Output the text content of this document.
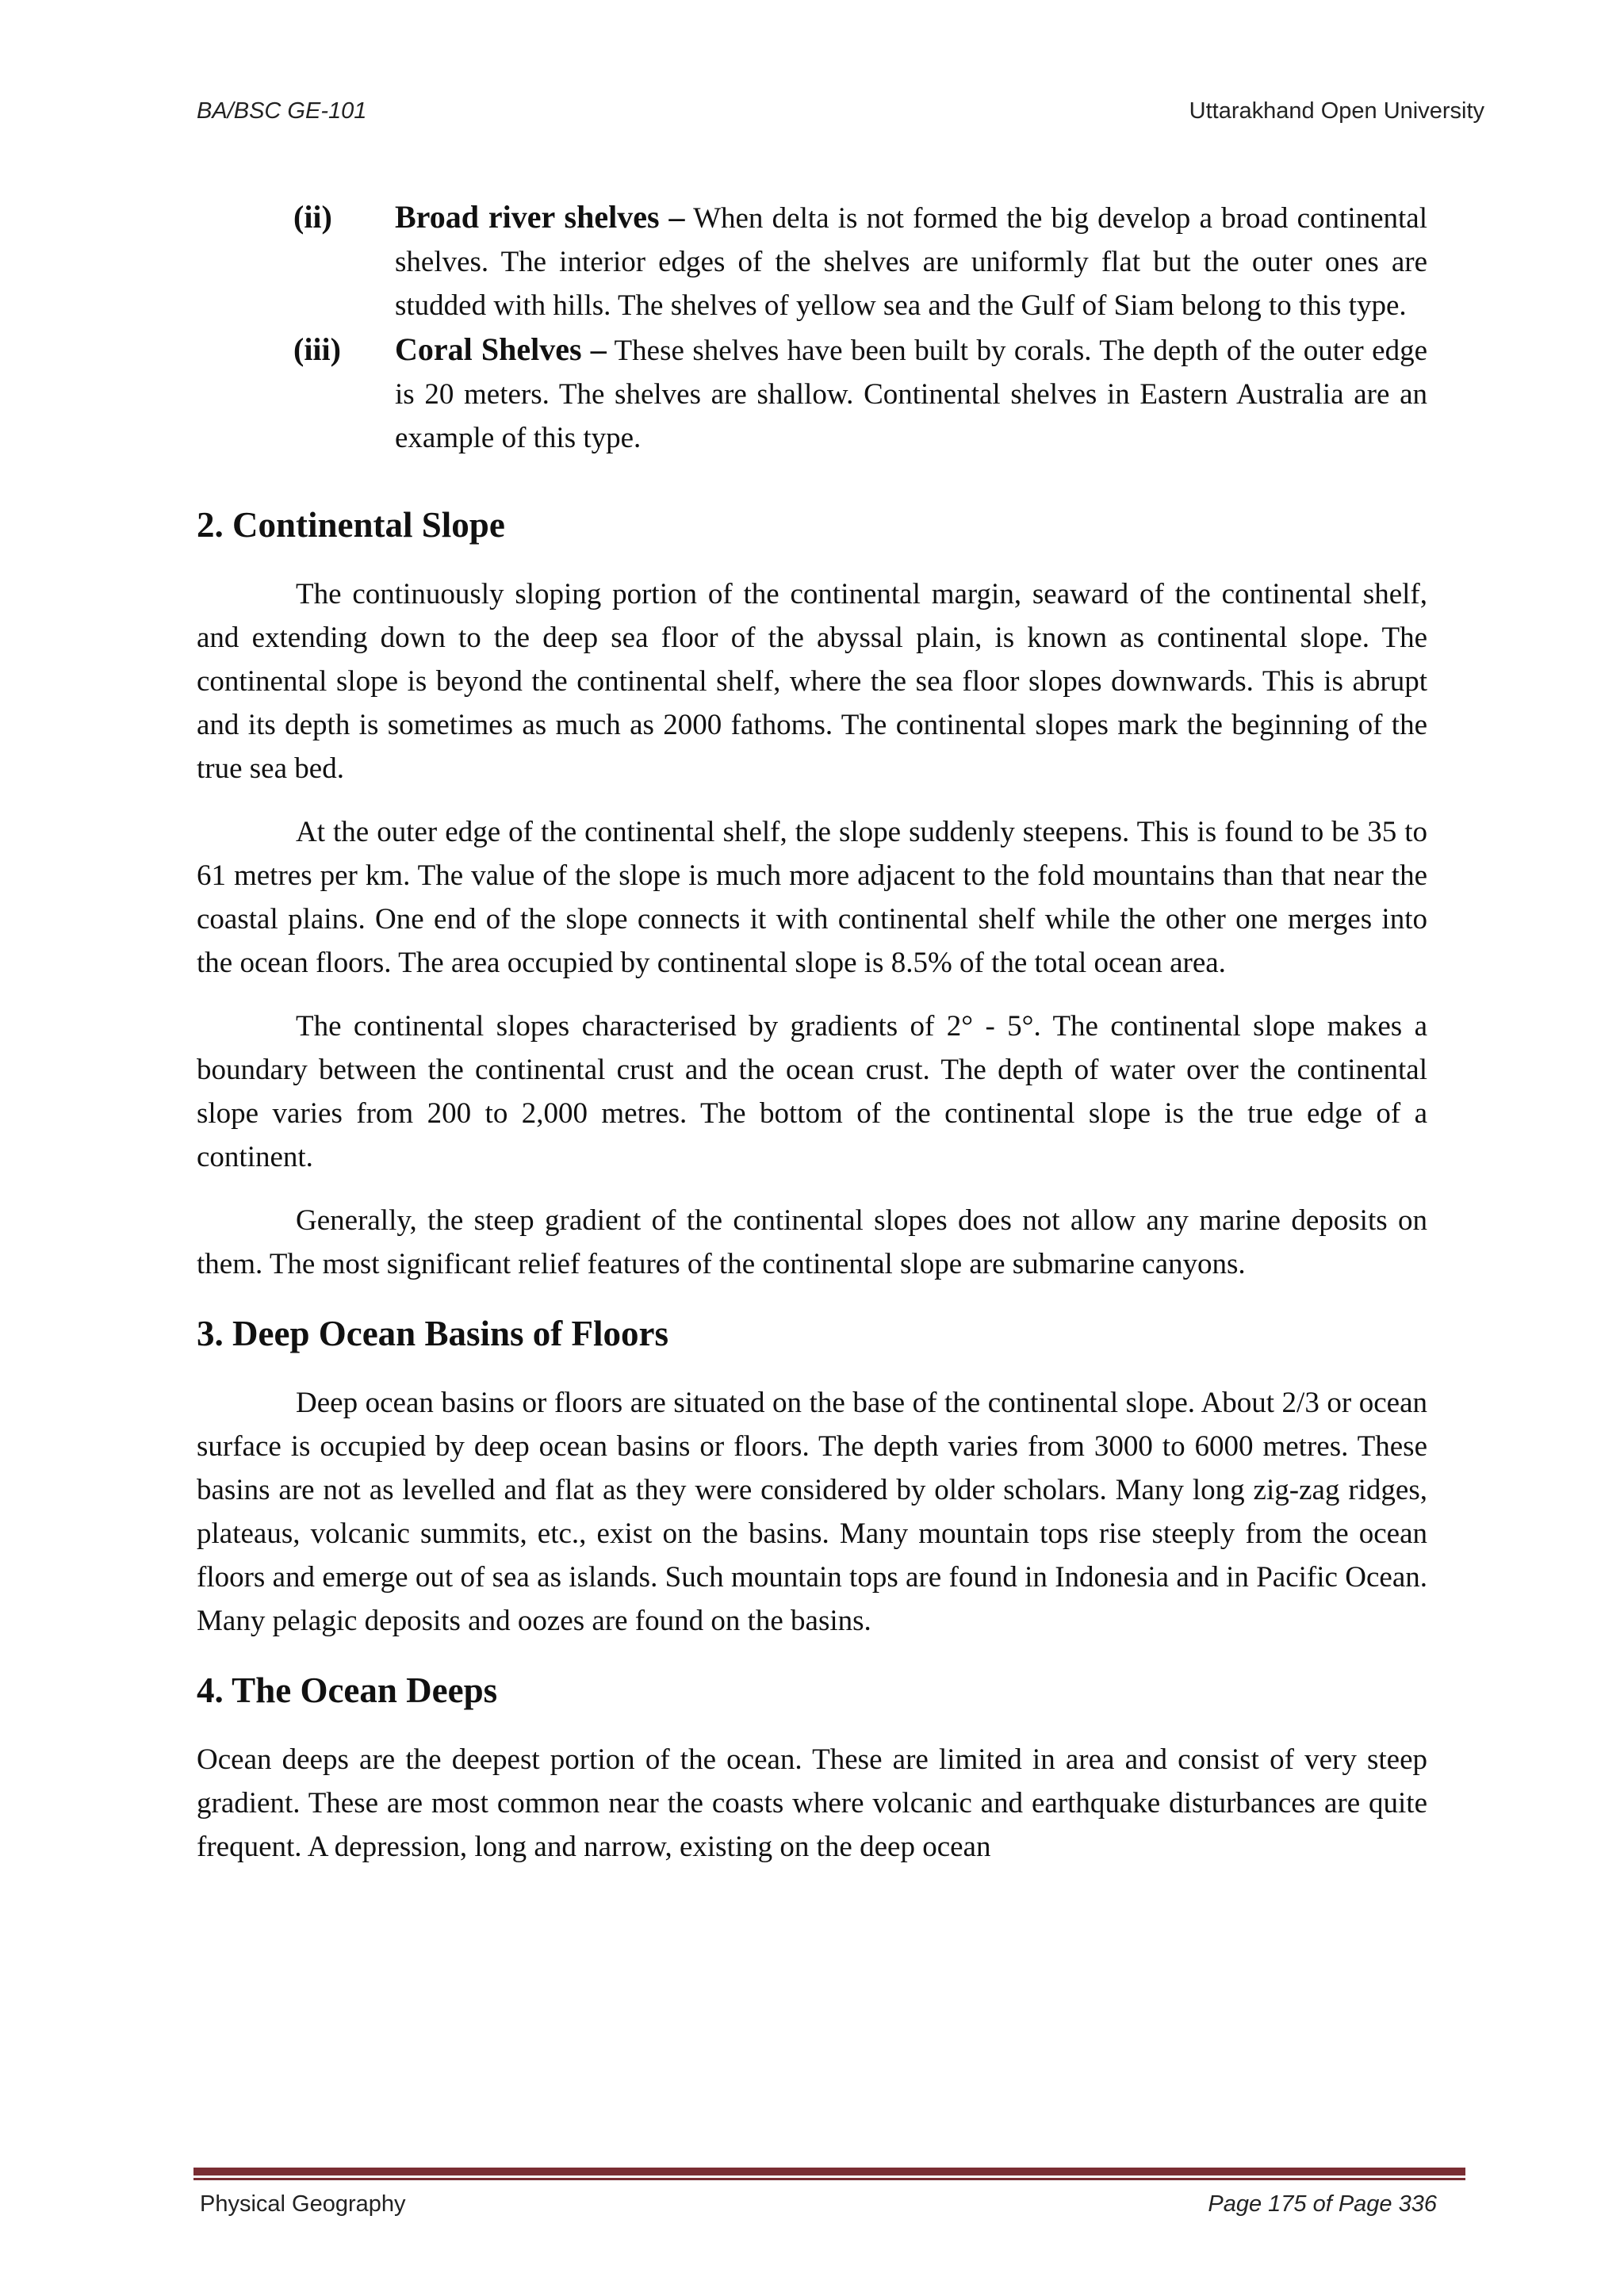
BA/BSC GE-101	Uttarakhand Open University

(ii) Broad river shelves – When delta is not formed the big develop a broad continental shelves. The interior edges of the shelves are uniformly flat but the outer ones are studded with hills. The shelves of yellow sea and the Gulf of Siam belong to this type.

(iii) Coral Shelves – These shelves have been built by corals. The depth of the outer edge is 20 meters. The shelves are shallow. Continental shelves in Eastern Australia are an example of this type.

2. Continental Slope

The continuously sloping portion of the continental margin, seaward of the continental shelf, and extending down to the deep sea floor of the abyssal plain, is known as continental slope. The continental slope is beyond the continental shelf, where the sea floor slopes downwards. This is abrupt and its depth is sometimes as much as 2000 fathoms. The continental slopes mark the beginning of the true sea bed.

At the outer edge of the continental shelf, the slope suddenly steepens. This is found to be 35 to 61 metres per km. The value of the slope is much more adjacent to the fold mountains than that near the coastal plains. One end of the slope connects it with continental shelf while the other one merges into the ocean floors. The area occupied by continental slope is 8.5% of the total ocean area.

The continental slopes characterised by gradients of 2° - 5°. The continental slope makes a boundary between the continental crust and the ocean crust. The depth of water over the continental slope varies from 200 to 2,000 metres. The bottom of the continental slope is the true edge of a continent.

Generally, the steep gradient of the continental slopes does not allow any marine deposits on them. The most significant relief features of the continental slope are submarine canyons.

3. Deep Ocean Basins of Floors

Deep ocean basins or floors are situated on the base of the continental slope. About 2/3 or ocean surface is occupied by deep ocean basins or floors. The depth varies from 3000 to 6000 metres. These basins are not as levelled and flat as they were considered by older scholars. Many long zig-zag ridges, plateaus, volcanic summits, etc., exist on the basins. Many mountain tops rise steeply from the ocean floors and emerge out of sea as islands. Such mountain tops are found in Indonesia and in Pacific Ocean. Many pelagic deposits and oozes are found on the basins.

4. The Ocean Deeps

Ocean deeps are the deepest portion of the ocean. These are limited in area and consist of very steep gradient. These are most common near the coasts where volcanic and earthquake disturbances are quite frequent. A depression, long and narrow, existing on the deep ocean

Physical Geography	Page 175 of Page 336
